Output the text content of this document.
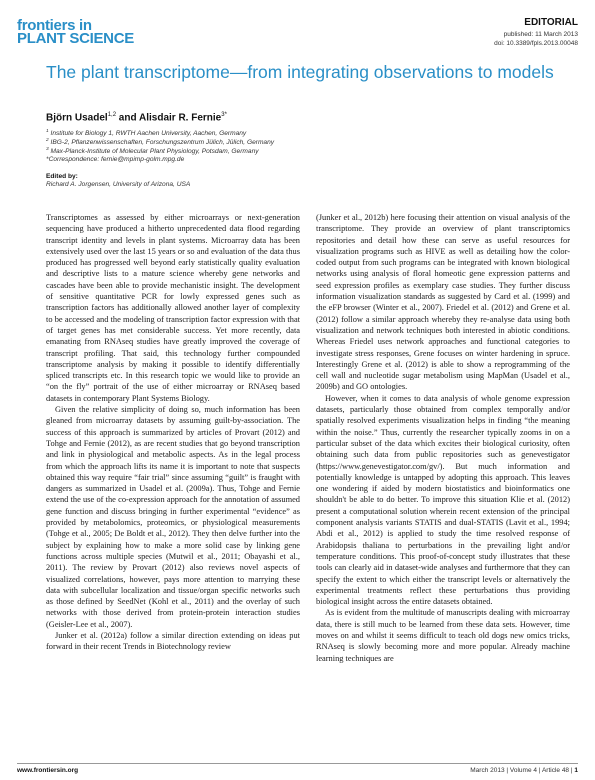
frontiers in
PLANT SCIENCE
EDITORIAL
published: 11 March 2013
doi: 10.3389/fpls.2013.00048
The plant transcriptome—from integrating observations to models
Björn Usadel$^{1,2}$ and Alisdair R. Fernie$^{3*}$
$^1$ Institute for Biology 1, RWTH Aachen University, Aachen, Germany
$^2$ IBG-2, Pflanzenwissenschaften, Forschungszentrum Jülich, Jülich, Germany
$^3$ Max-Planck-Institute of Molecular Plant Physiology, Potsdam, Germany
*Correspondence: fernie@mpimp-golm.mpg.de
Edited by:
Richard A. Jorgensen, University of Arizona, USA

Transcriptomes as assessed by either microarrays or next-generation sequencing have produced a hitherto unprecedented data flood regarding transcript identity and levels in plant systems. Microarray data has been extensively used over the last 15 years or so and evaluation of the data thus produced has progressed well beyond early statistically quality evaluation and descriptive lists to a mature science whereby gene networks and cascades have been able to provide mechanistic insight. The development of sensitive quantitative PCR for lowly expressed genes such as transcription factors has additionally allowed another layer of complexity to be accessed and the modeling of transcription factor expression with that of target genes has met considerable success. Yet more recently, data emanating from RNAseq studies have greatly improved the coverage of transcript profiling. That said, this technology further compounded transcriptome analysis by making it possible to identify differentially spliced transcripts etc. In this research topic we would like to provide an “on the fly” portrait of the use of either microarray or RNAseq based datasets in contemporary Plant Systems Biology.

Given the relative simplicity of doing so, much information has been gleaned from microarray datasets by assuming guilt-by-association. The success of this approach is summarized by articles of Provart (2012) and Tohge and Fernie (2012), as are recent studies that go beyond transcription and link in physiological and metabolic aspects. As in the legal process from which the approach lifts its name it is important to note that suspects obtained this way require “fair trial” since assuming “guilt” is fraught with dangers as summarized in Usadel et al. (2009a). Thus, Tohge and Fernie extend the use of the co-expression approach for the annotation of assumed gene function and discuss bringing in further experimental “evidence” as provided by metabolomics, proteomics, or physiological measurements (Tohge et al., 2005; De Boldt et al., 2012). They then delve further into the subject by explaining how to make a more solid case by linking gene functions across multiple species (Mutwil et al., 2011; Obayashi et al., 2011). The review by Provart (2012) also reviews novel aspects of visualized correlations, however, pays more attention to marrying these data with subcellular localization and tissue/organ specific networks such as those defined by SeedNet (Kohl et al., 2011) and the overlay of such networks with those derived from protein-protein interaction studies (Geisler-Lee et al., 2007).

Junker et al. (2012a) follow a similar direction extending on ideas put forward in their recent Trends in Biotechnology review

(Junker et al., 2012b) here focusing their attention on visual analysis of the transcriptome. They provide an overview of plant transcriptomics repositories and detail how these can serve as useful resources for visualization programs such as HIVE as well as detailing how the color-coded output from such programs can be integrated with known biological networks using analysis of floral homeotic gene expression patterns and seed expression profiles as exemplary case studies. They further discuss information visualization standards as suggested by Card et al. (1999) and the eFP browser (Winter et al., 2007). Friedel et al. (2012) and Grene et al. (2012) follow a similar approach whereby they re-analyse data using both visualization and network techniques both interested in abiotic conditions. Whereas Friedel uses network approaches and functional categories to investigate stress responses, Grene focuses on winter hardening in spruce. Interestingly Grene et al. (2012) is able to show a reprogramming of the cell wall and nucleotide sugar metabolism using MapMan (Usadel et al., 2009b) and GO ontologies.

However, when it comes to data analysis of whole genome expression datasets, particularly those obtained from complex temporally and/or spatially resolved experiments visualization helps in finding “the meaning within the noise.” Thus, currently the researcher typically zooms in on a particular subset of the data which excites their biological curiosity, often obtaining such data from public repositories such as genevestigator (https://www.genevestigator.com/gv/). But much information and potentially knowledge is untapped by adopting this approach. This leaves one wondering if aided by modern biostatistics and bioinformatics one shouldn't be able to do better. To improve this situation Klie et al. (2012) present a computational solution wherein recent extension of the principal component analysis variants STATIS and dual-STATIS (Lavit et al., 1994; Abdi et al., 2012) is applied to study the time resolved response of Arabidopsis thaliana to perturbations in the prevailing light and/or temperature conditions. This proof-of-concept study illustrates that these tools can clearly aid in dataset-wide analyses and furthermore that they can specify the extent to which either the transcript levels or alternatively the experimental treatments reflect these perturbations thus providing biological insight across the entire datasets obtained.

As is evident from the multitude of manuscripts dealing with microarray data, there is still much to be learned from these data sets. However, time moves on and whilst it seems difficult to teach old dogs new omics tricks, RNAseq is slowly becoming more and more popular. Already machine learning techniques are

www.frontiersin.org	March 2013 | Volume 4 | Article 48 | 1
